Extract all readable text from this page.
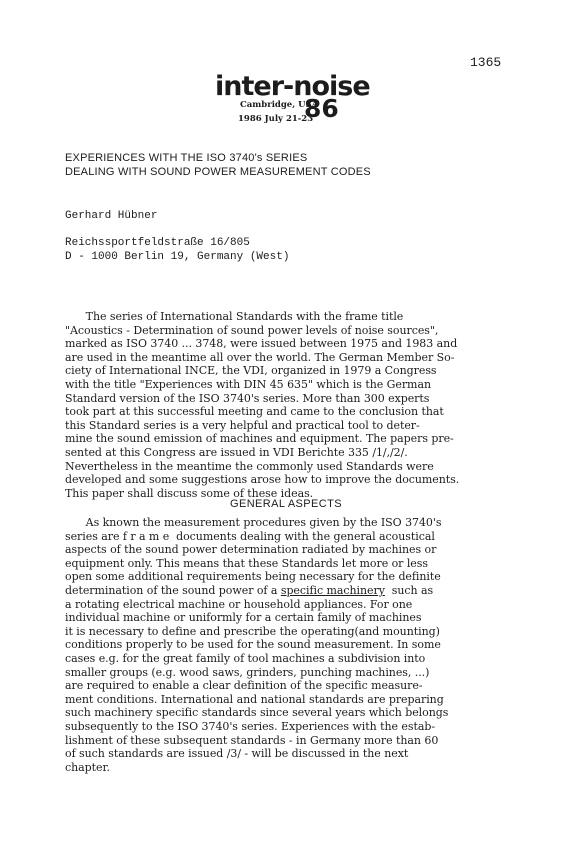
1365
inter-noise
Cambridge, USA
1986 July 21-23
86
EXPERIENCES WITH THE ISO 3740's SERIES
DEALING WITH SOUND POWER MEASUREMENT CODES
Gerhard Hübner
Reichssportfeldstraße 16/805
D - 1000 Berlin 19, Germany (West)
The series of International Standards with the frame title
"Acoustics - Determination of sound power levels of noise sources",
marked as ISO 3740 ... 3748, were issued between 1975 and 1983 and
are used in the meantime all over the world. The German Member So-
ciety of International INCE, the VDI, organized in 1979 a Congress
with the title "Experiences with DIN 45 635" which is the German
Standard version of the ISO 3740's series. More than 300 experts
took part at this successful meeting and came to the conclusion that
this Standard series is a very helpful and practical tool to deter-
mine the sound emission of machines and equipment. The papers pre-
sented at this Congress are issued in VDI Berichte 335 /1/,/2/.
Nevertheless in the meantime the commonly used Standards were
developed and some suggestions arose how to improve the documents.
This paper shall discuss some of these ideas.
GENERAL ASPECTS
As known the measurement procedures given by the ISO 3740's
series are f r a m e  documents dealing with the general acoustical
aspects of the sound power determination radiated by machines or
equipment only. This means that these Standards let more or less
open some additional requirements being necessary for the definite
determination of the sound power of a specific machinery  such as
a rotating electrical machine or household appliances. For one
individual machine or uniformly for a certain family of machines
it is necessary to define and prescribe the operating(and mounting)
conditions properly to be used for the sound measurement. In some
cases e.g. for the great family of tool machines a subdivision into
smaller groups (e.g. wood saws, grinders, punching machines, ...)
are required to enable a clear definition of the specific measure-
ment conditions. International and national standards are preparing
such machinery specific standards since several years which belongs
subsequently to the ISO 3740's series. Experiences with the estab-
lishment of these subsequent standards - in Germany more than 60
of such standards are issued /3/ - will be discussed in the next
chapter.
